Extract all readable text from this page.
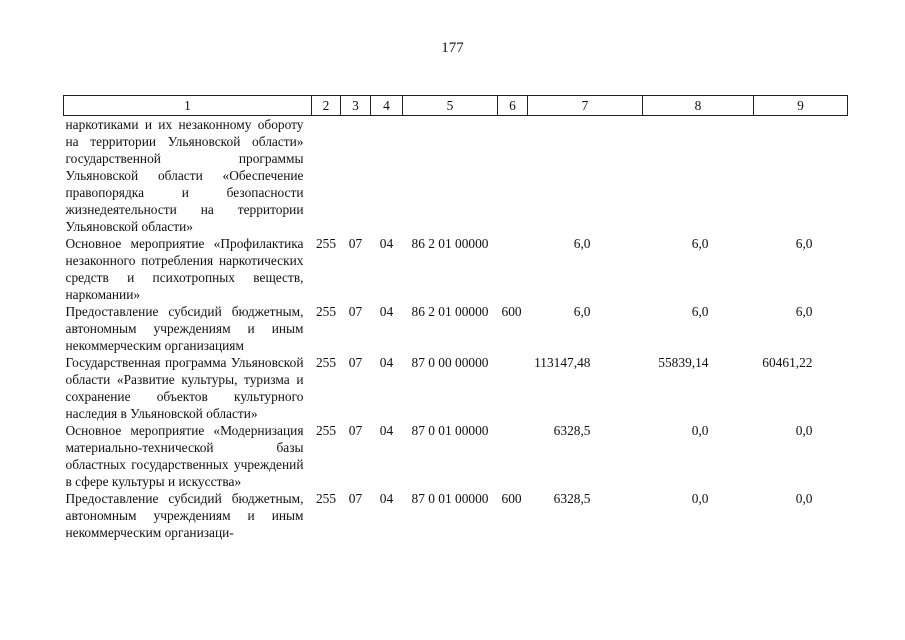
177
1	2	3	4	5	6	7	8	9
наркотиками и их незаконному обороту на территории Ульяновской области» государственной программы Ульяновской области «Обеспечение правопорядка и безопасности жизнедеятельности на территории Ульяновской области»								
Основное мероприятие «Профилактика незаконного потребления наркотических средств и психотропных веществ, наркомании»	255	07	04	86 2 01 00000		6,0	6,0	6,0
Предоставление субсидий бюджетным, автономным учреждениям и иным некоммерческим организациям	255	07	04	86 2 01 00000	600	6,0	6,0	6,0
Государственная программа Ульяновской области «Развитие культуры, туризма и сохранение объектов культурного наследия в Ульяновской области»	255	07	04	87 0 00 00000		113147,48	55839,14	60461,22
Основное мероприятие «Модернизация материально-технической базы областных государственных учреждений в сфере культуры и искусства»	255	07	04	87 0 01 00000		6328,5	0,0	0,0
Предоставление субсидий бюджетным, автономным учреждениям и иным некоммерческим организаци-	255	07	04	87 0 01 00000	600	6328,5	0,0	0,0
